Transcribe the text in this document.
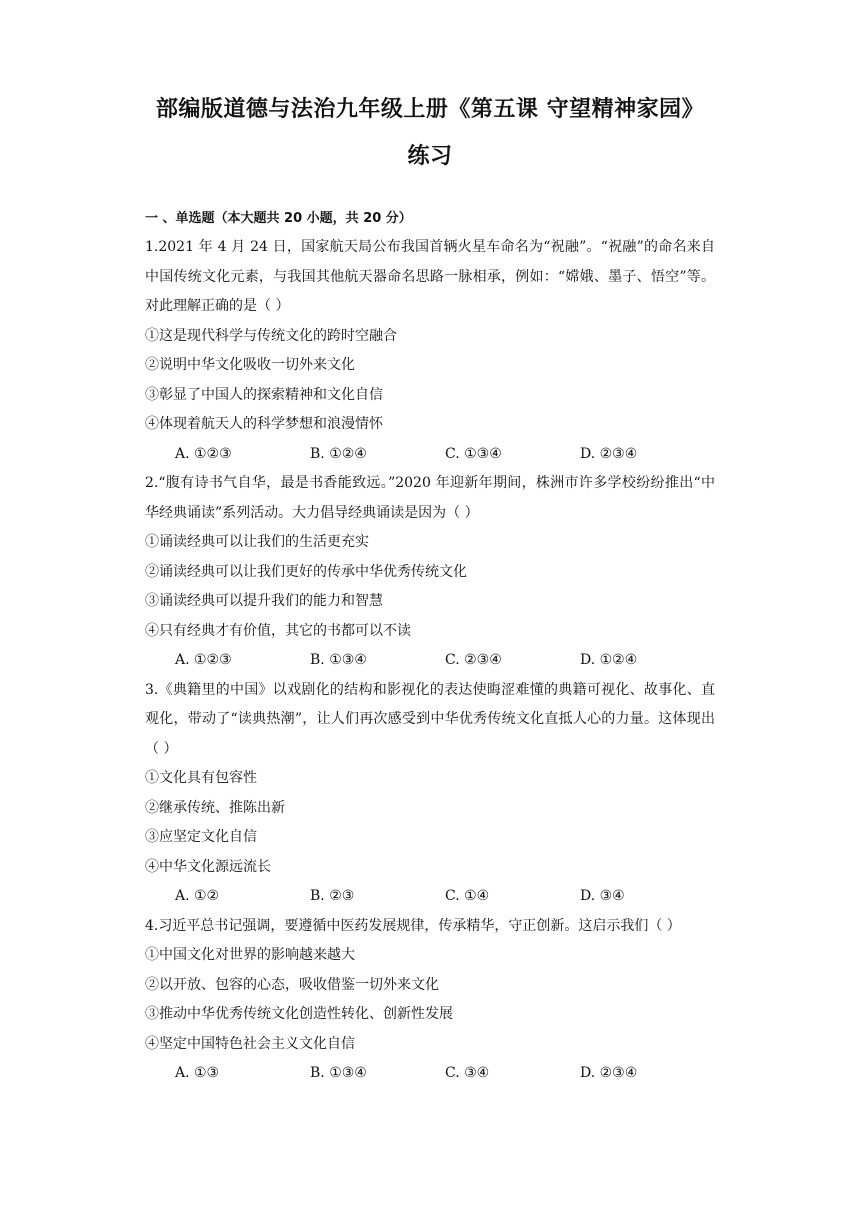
部编版道德与法治九年级上册《第五课 守望精神家园》
练习
一 、单选题（本大题共 20 小题，共 20 分）
1.2021 年 4 月 24 日，国家航天局公布我国首辆火星车命名为“祝融”。“祝融”的命名来自中国传统文化元素，与我国其他航天器命名思路一脉相承，例如：“嫦娥、墨子、悟空”等。对此理解正确的是（ ）
①这是现代科学与传统文化的跨时空融合
②说明中华文化吸收一切外来文化
③彰显了中国人的探索精神和文化自信
④体现着航天人的科学梦想和浪漫情怀
A. ①②③	B. ①②④	C. ①③④	D. ②③④
2.“腹有诗书气自华，最是书香能致远。”2020 年迎新年期间，株洲市许多学校纷纷推出“中华经典诵读”系列活动。大力倡导经典诵读是因为（ ）
①诵读经典可以让我们的生活更充实
②诵读经典可以让我们更好的传承中华优秀传统文化
③诵读经典可以提升我们的能力和智慧
④只有经典才有价值，其它的书都可以不读
A. ①②③	B. ①③④	C. ②③④	D. ①②④
3.《典籍里的中国》以戏剧化的结构和影视化的表达使晦涩难懂的典籍可视化、故事化、直观化，带动了“读典热潮”，让人们再次感受到中华优秀传统文化直抵人心的力量。这体现出（ ）
①文化具有包容性
②继承传统、推陈出新
③应坚定文化自信
④中华文化源远流长
A. ①②	B. ②③	C. ①④	D. ③④
4.习近平总书记强调，要遵循中医药发展规律，传承精华，守正创新。这启示我们（ ）
①中国文化对世界的影响越来越大
②以开放、包容的心态，吸收借鉴一切外来文化
③推动中华优秀传统文化创造性转化、创新性发展
④坚定中国特色社会主义文化自信
A. ①③	B. ①③④	C. ③④	D. ②③④
